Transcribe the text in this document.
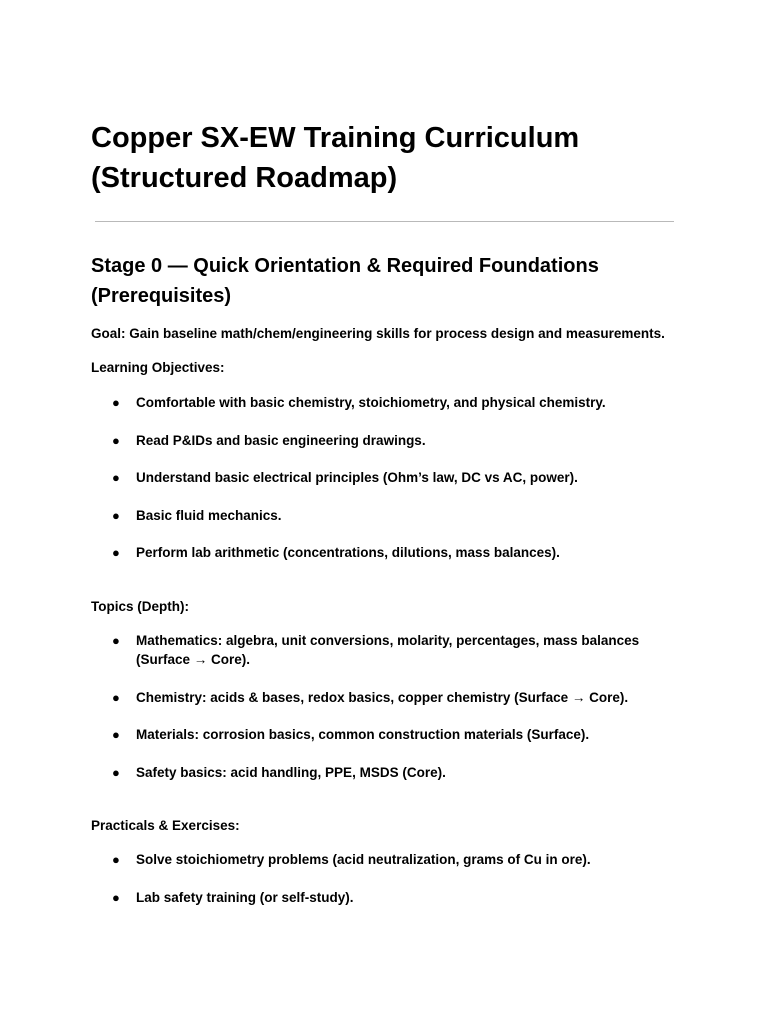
Copper SX-EW Training Curriculum
(Structured Roadmap)
Stage 0 — Quick Orientation & Required Foundations
(Prerequisites)

Goal: Gain baseline math/chem/engineering skills for process design and measurements.

Learning Objectives:

● Comfortable with basic chemistry, stoichiometry, and physical chemistry.
● Read P&IDs and basic engineering drawings.
● Understand basic electrical principles (Ohm’s law, DC vs AC, power).
● Basic fluid mechanics.
● Perform lab arithmetic (concentrations, dilutions, mass balances).

Topics (Depth):

● Mathematics: algebra, unit conversions, molarity, percentages, mass balances
(Surface → Core).
● Chemistry: acids & bases, redox basics, copper chemistry (Surface → Core).
● Materials: corrosion basics, common construction materials (Surface).
● Safety basics: acid handling, PPE, MSDS (Core).

Practicals & Exercises:

● Solve stoichiometry problems (acid neutralization, grams of Cu in ore).
● Lab safety training (or self-study).
